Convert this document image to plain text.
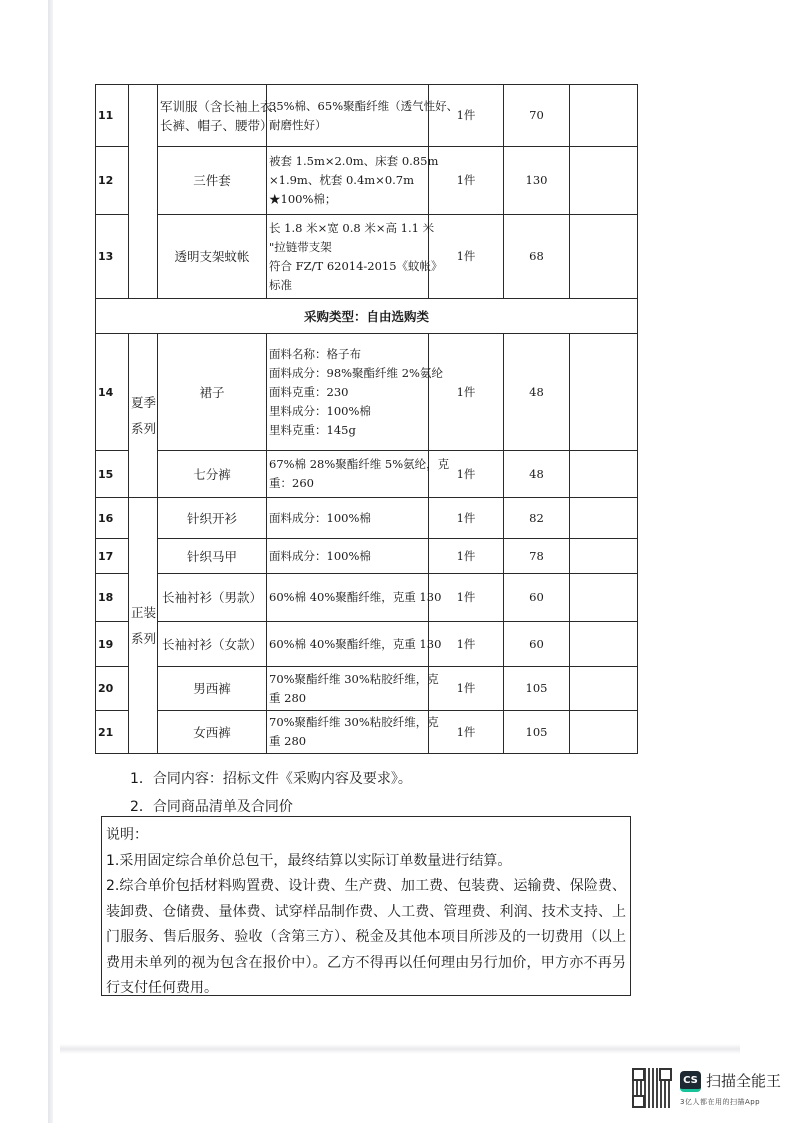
11		军训服（含长袖上衣、
长裤、帽子、腰带）	35%棉、65%聚酯纤维（透气性好、
耐磨性好）	1件	70	
12		三件套	被套 1.5m×2.0m、床套 0.85m
×1.9m、枕套 0.4m×0.7m
★100%棉；	1件	130	
13		透明支架蚊帐	长 1.8 米×宽 0.8 米×高 1.1 米
"拉链带支架
符合 FZ/T 62014-2015《蚊帐》
标准	1件	68	
采购类型：自由选购类						
14	夏季系列	裙子	面料名称：格子布
面料成分：98%聚酯纤维 2%氨纶
面料克重：230
里料成分：100%棉
里料克重：145g	1件	48	
15		七分裤	67%棉 28%聚酯纤维 5%氨纶，克
重：260	1件	48	
16	正装系列	针织开衫	面料成分：100%棉	1件	82	
17		针织马甲	面料成分：100%棉	1件	78	
18		长袖衬衫（男款）	60%棉 40%聚酯纤维，克重 130	1件	60	
19		长袖衬衫（女款）	60%棉 40%聚酯纤维，克重 130	1件	60	
20		男西裤	70%聚酯纤维 30%粘胶纤维，克
重 280	1件	105	
21		女西裤	70%聚酯纤维 30%粘胶纤维，克
重 280	1件	105	
1．合同内容：招标文件《采购内容及要求》。
2．合同商品清单及合同价

说明：

1.采用固定综合单价总包干，最终结算以实际订单数量进行结算。

2.综合单价包括材料购置费、设计费、生产费、加工费、包装费、运输费、保险费、装卸费、仓储费、量体费、试穿样品制作费、人工费、管理费、利润、技术支持、上门服务、售后服务、验收（含第三方）、税金及其他本项目所涉及的一切费用（以上费用未单列的视为包含在报价中）。乙方不得再以任何理由另行加价，甲方亦不再另行支付任何费用。

CS 扫描全能王
3亿人都在用的扫描App
